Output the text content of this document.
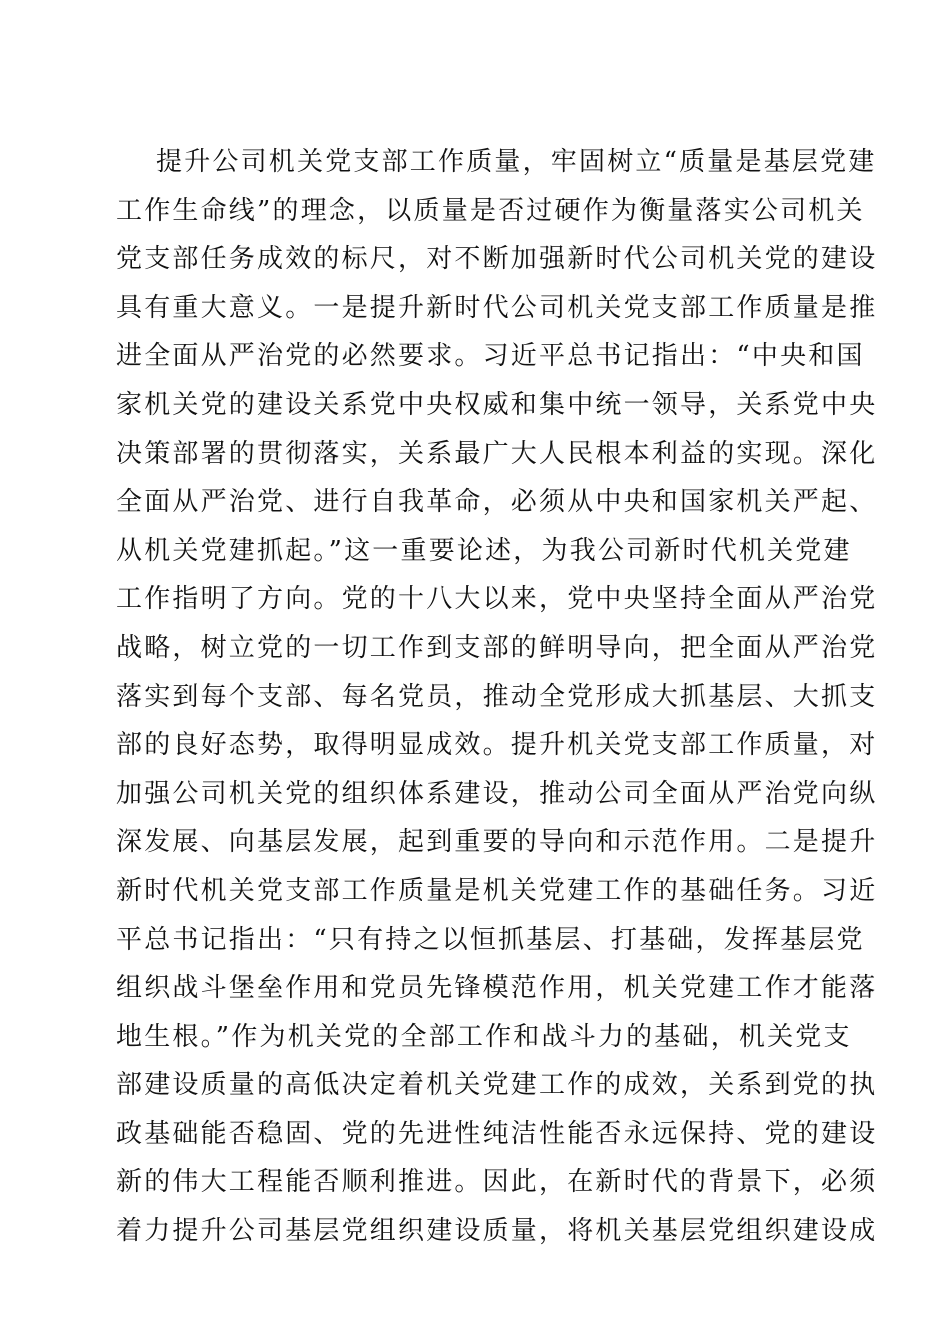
提升公司机关党支部工作质量，牢固树立“质量是基层党建
工作生命线”的理念，以质量是否过硬作为衡量落实公司机关
党支部任务成效的标尺，对不断加强新时代公司机关党的建设
具有重大意义。一是提升新时代公司机关党支部工作质量是推
进全面从严治党的必然要求。习近平总书记指出：“中央和国
家机关党的建设关系党中央权威和集中统一领导，关系党中央
决策部署的贯彻落实，关系最广大人民根本利益的实现。深化
全面从严治党、进行自我革命，必须从中央和国家机关严起、
从机关党建抓起。”这一重要论述，为我公司新时代机关党建
工作指明了方向。党的十八大以来，党中央坚持全面从严治党
战略，树立党的一切工作到支部的鲜明导向，把全面从严治党
落实到每个支部、每名党员，推动全党形成大抓基层、大抓支
部的良好态势，取得明显成效。提升机关党支部工作质量，对
加强公司机关党的组织体系建设，推动公司全面从严治党向纵
深发展、向基层发展，起到重要的导向和示范作用。二是提升
新时代机关党支部工作质量是机关党建工作的基础任务。习近
平总书记指出：“只有持之以恒抓基层、打基础，发挥基层党
组织战斗堡垒作用和党员先锋模范作用，机关党建工作才能落
地生根。”作为机关党的全部工作和战斗力的基础，机关党支
部建设质量的高低决定着机关党建工作的成效，关系到党的执
政基础能否稳固、党的先进性纯洁性能否永远保持、党的建设
新的伟大工程能否顺利推进。因此，在新时代的背景下，必须
着力提升公司基层党组织建设质量，将机关基层党组织建设成
